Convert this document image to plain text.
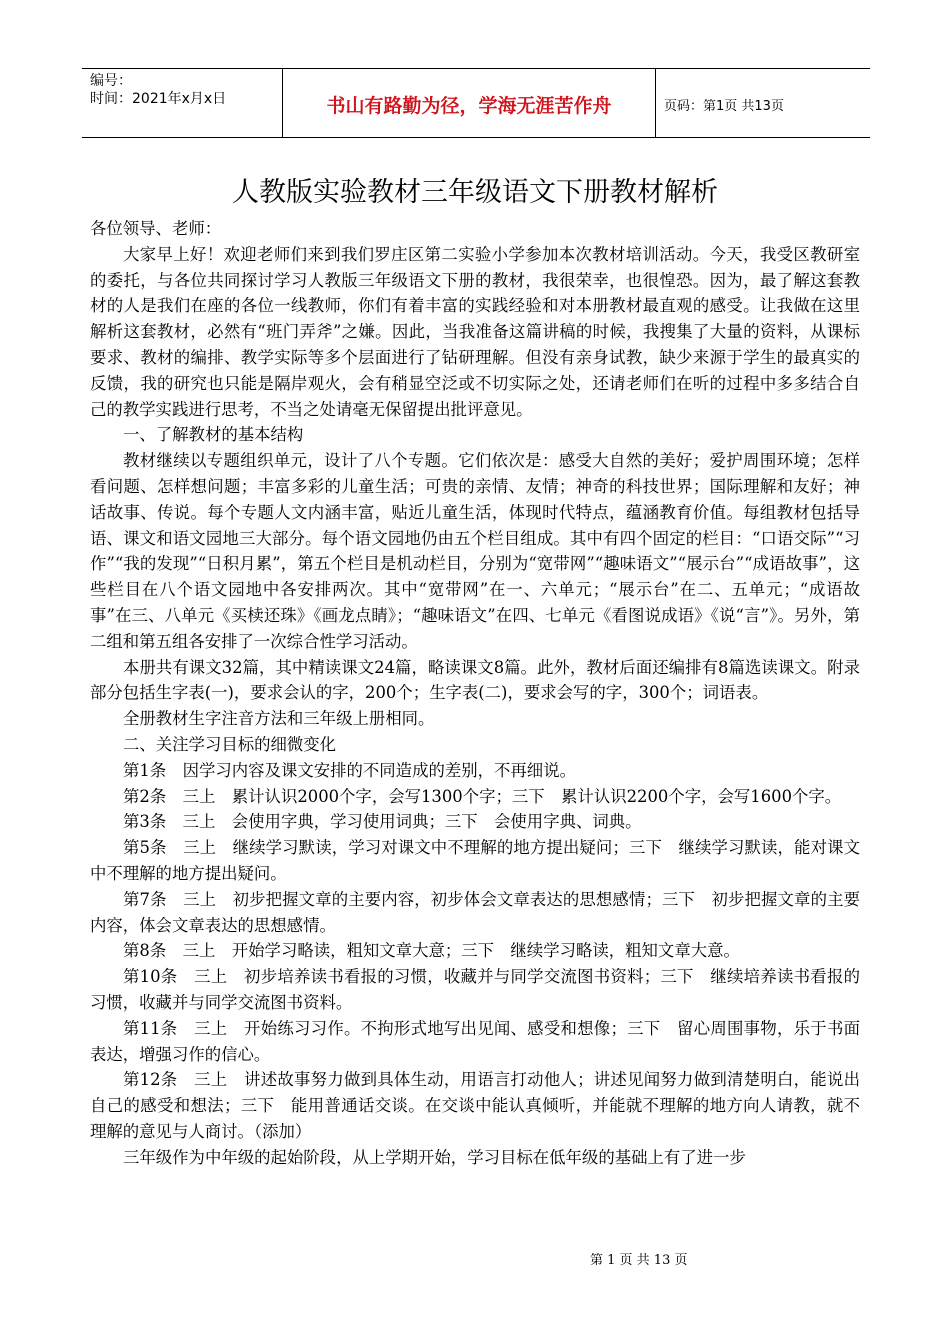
编号：
时间：2021年x月x日	书山有路勤为径，学海无涯苦作舟	页码：第1页 共13页
人教版实验教材三年级语文下册教材解析

各位领导、老师：

大家早上好！欢迎老师们来到我们罗庄区第二实验小学参加本次教材培训活动。今天，我受区教研室的委托，与各位共同探讨学习人教版三年级语文下册的教材，我很荣幸，也很惶恐。因为，最了解这套教材的人是我们在座的各位一线教师，你们有着丰富的实践经验和对本册教材最直观的感受。让我做在这里解析这套教材，必然有“班门弄斧”之嫌。因此，当我准备这篇讲稿的时候，我搜集了大量的资料，从课标要求、教材的编排、教学实际等多个层面进行了钻研理解。但没有亲身试教，缺少来源于学生的最真实的反馈，我的研究也只能是隔岸观火，会有稍显空泛或不切实际之处，还请老师们在听的过程中多多结合自己的教学实践进行思考，不当之处请毫无保留提出批评意见。

一、了解教材的基本结构

教材继续以专题组织单元，设计了八个专题。它们依次是：感受大自然的美好；爱护周围环境；怎样看问题、怎样想问题；丰富多彩的儿童生活；可贵的亲情、友情；神奇的科技世界；国际理解和友好；神话故事、传说。每个专题人文内涵丰富，贴近儿童生活，体现时代特点，蕴涵教育价值。每组教材包括导语、课文和语文园地三大部分。每个语文园地仍由五个栏目组成。其中有四个固定的栏目：“口语交际”“习作”“我的发现”“日积月累”，第五个栏目是机动栏目，分别为“宽带网”“趣味语文”“展示台”“成语故事”，这些栏目在八个语文园地中各安排两次。其中“宽带网”在一、六单元；“展示台”在二、五单元；“成语故事”在三、八单元《买椟还珠》《画龙点睛》；“趣味语文”在四、七单元《看图说成语》《说“言”》。另外，第二组和第五组各安排了一次综合性学习活动。

本册共有课文32篇，其中精读课文24篇，略读课文8篇。此外，教材后面还编排有8篇选读课文。附录部分包括生字表(一)，要求会认的字，200个；生字表(二)，要求会写的字，300个；词语表。

全册教材生字注音方法和三年级上册相同。

二、关注学习目标的细微变化

第1条　因学习内容及课文安排的不同造成的差别，不再细说。

第2条　三上　累计认识2000个字，会写1300个字；三下　累计认识2200个字，会写1600个字。

第3条　三上　会使用字典，学习使用词典；三下　会使用字典、词典。

第5条　三上　继续学习默读，学习对课文中不理解的地方提出疑问；三下　继续学习默读，能对课文中不理解的地方提出疑问。

第7条　三上　初步把握文章的主要内容，初步体会文章表达的思想感情；三下　初步把握文章的主要内容，体会文章表达的思想感情。

第8条　三上　开始学习略读，粗知文章大意；三下　继续学习略读，粗知文章大意。

第10条　三上　初步培养读书看报的习惯，收藏并与同学交流图书资料；三下　继续培养读书看报的习惯，收藏并与同学交流图书资料。

第11条　三上　开始练习习作。不拘形式地写出见闻、感受和想像；三下　留心周围事物，乐于书面表达，增强习作的信心。

第12条　三上　讲述故事努力做到具体生动，用语言打动他人；讲述见闻努力做到清楚明白，能说出自己的感受和想法；三下　能用普通话交谈。在交谈中能认真倾听，并能就不理解的地方向人请教，就不理解的意见与人商讨。（添加）

三年级作为中年级的起始阶段，从上学期开始，学习目标在低年级的基础上有了进一步

第 1 页 共 13 页
